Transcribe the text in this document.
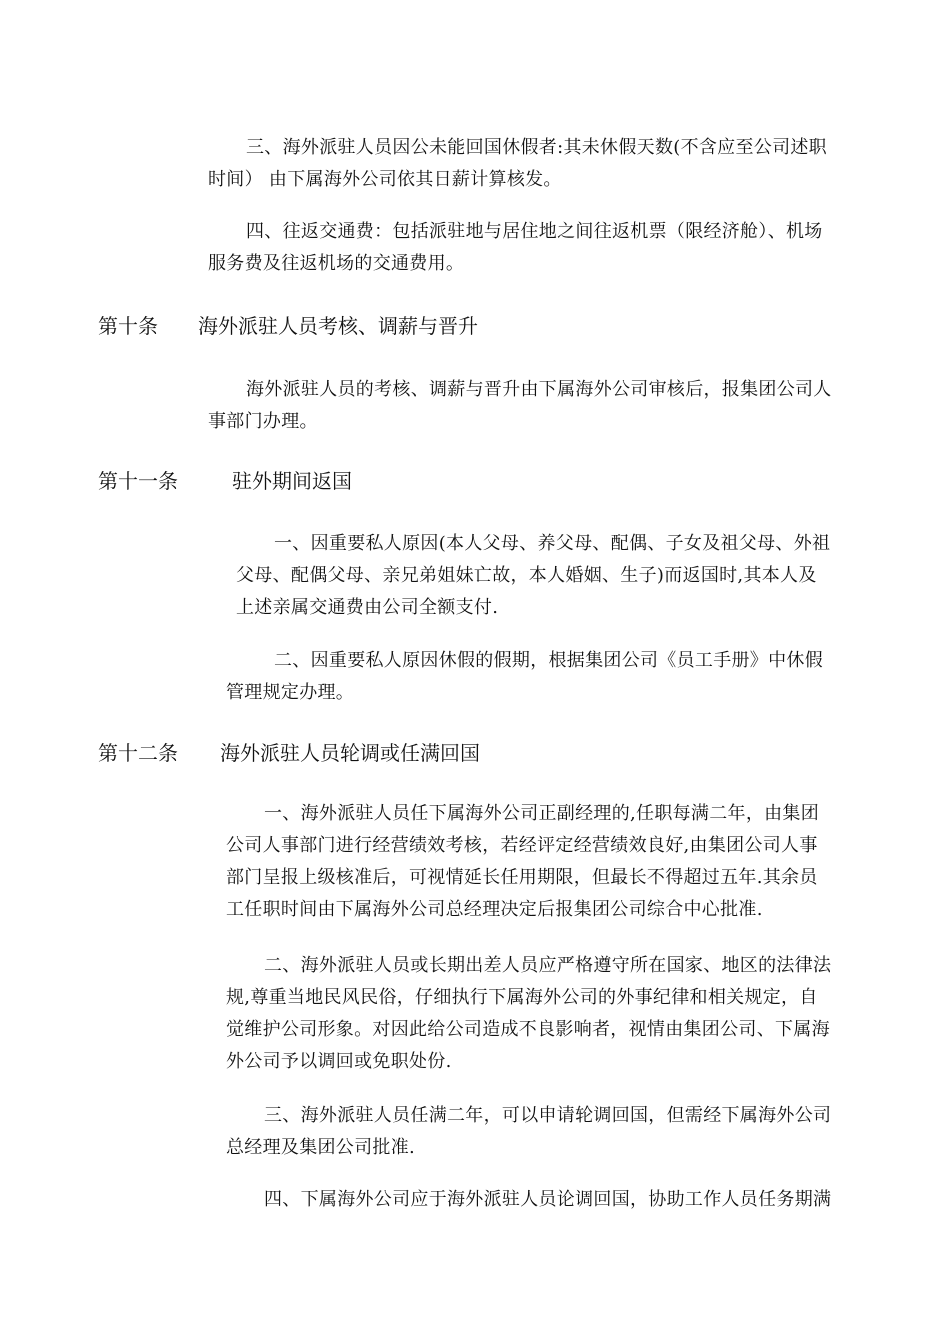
三、海外派驻人员因公未能回国休假者:其未休假天数(不含应至公司述职
时间） 由下属海外公司依其日薪计算核发。

四、往返交通费：包括派驻地与居住地之间往返机票（限经济舱）、机场
服务费及往返机场的交通费用。

第十条 海外派驻人员考核、调薪与晋升

海外派驻人员的考核、调薪与晋升由下属海外公司审核后，报集团公司人
事部门办理。

第十一条	驻外期间返国

一、因重要私人原因(本人父母、养父母、配偶、子女及祖父母、外祖
父母、配偶父母、亲兄弟姐妹亡故，本人婚姻、生子)而返国时,其本人及
上述亲属交通费由公司全额支付.

二、因重要私人原因休假的假期，根据集团公司《员工手册》中休假
管理规定办理。

第十二条 海外派驻人员轮调或任满回国

一、海外派驻人员任下属海外公司正副经理的,任职每满二年，由集团
公司人事部门进行经营绩效考核，若经评定经营绩效良好,由集团公司人事
部门呈报上级核准后，可视情延长任用期限，但最长不得超过五年.其余员
工任职时间由下属海外公司总经理决定后报集团公司综合中心批准.

二、海外派驻人员或长期出差人员应严格遵守所在国家、地区的法律法
规,尊重当地民风民俗，仔细执行下属海外公司的外事纪律和相关规定，自
觉维护公司形象。对因此给公司造成不良影响者，视情由集团公司、下属海
外公司予以调回或免职处份.

三、海外派驻人员任满二年，可以申请轮调回国，但需经下属海外公司
总经理及集团公司批准.

四、下属海外公司应于海外派驻人员论调回国，协助工作人员任务期满
